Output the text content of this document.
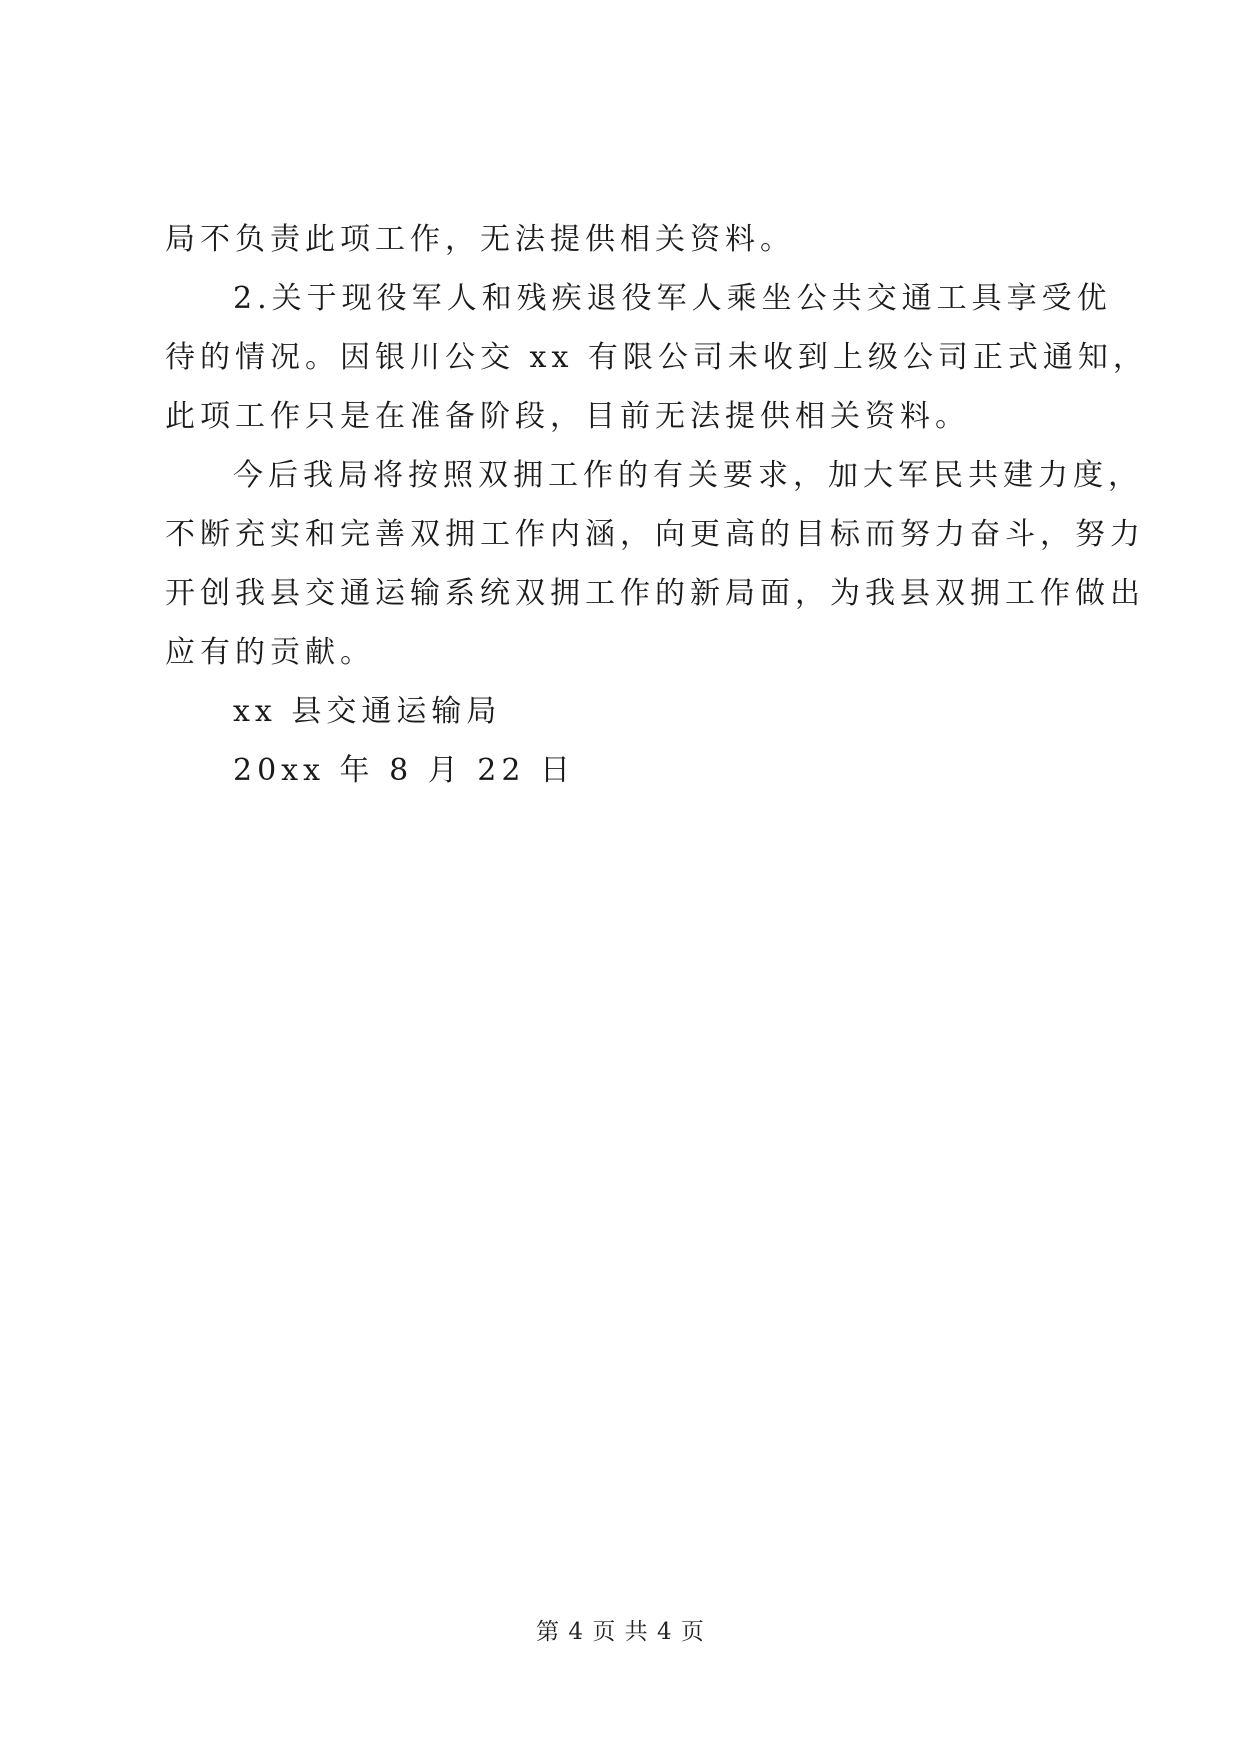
局不负责此项工作，无法提供相关资料。

2.关于现役军人和残疾退役军人乘坐公共交通工具享受优

待的情况。因银川公交 xx 有限公司未收到上级公司正式通知，

此项工作只是在准备阶段，目前无法提供相关资料。

今后我局将按照双拥工作的有关要求，加大军民共建力度，

不断充实和完善双拥工作内涵，向更高的目标而努力奋斗，努力

开创我县交通运输系统双拥工作的新局面，为我县双拥工作做出

应有的贡献。

xx 县交通运输局

20xx 年 8 月 22 日

第 4 页 共 4 页
